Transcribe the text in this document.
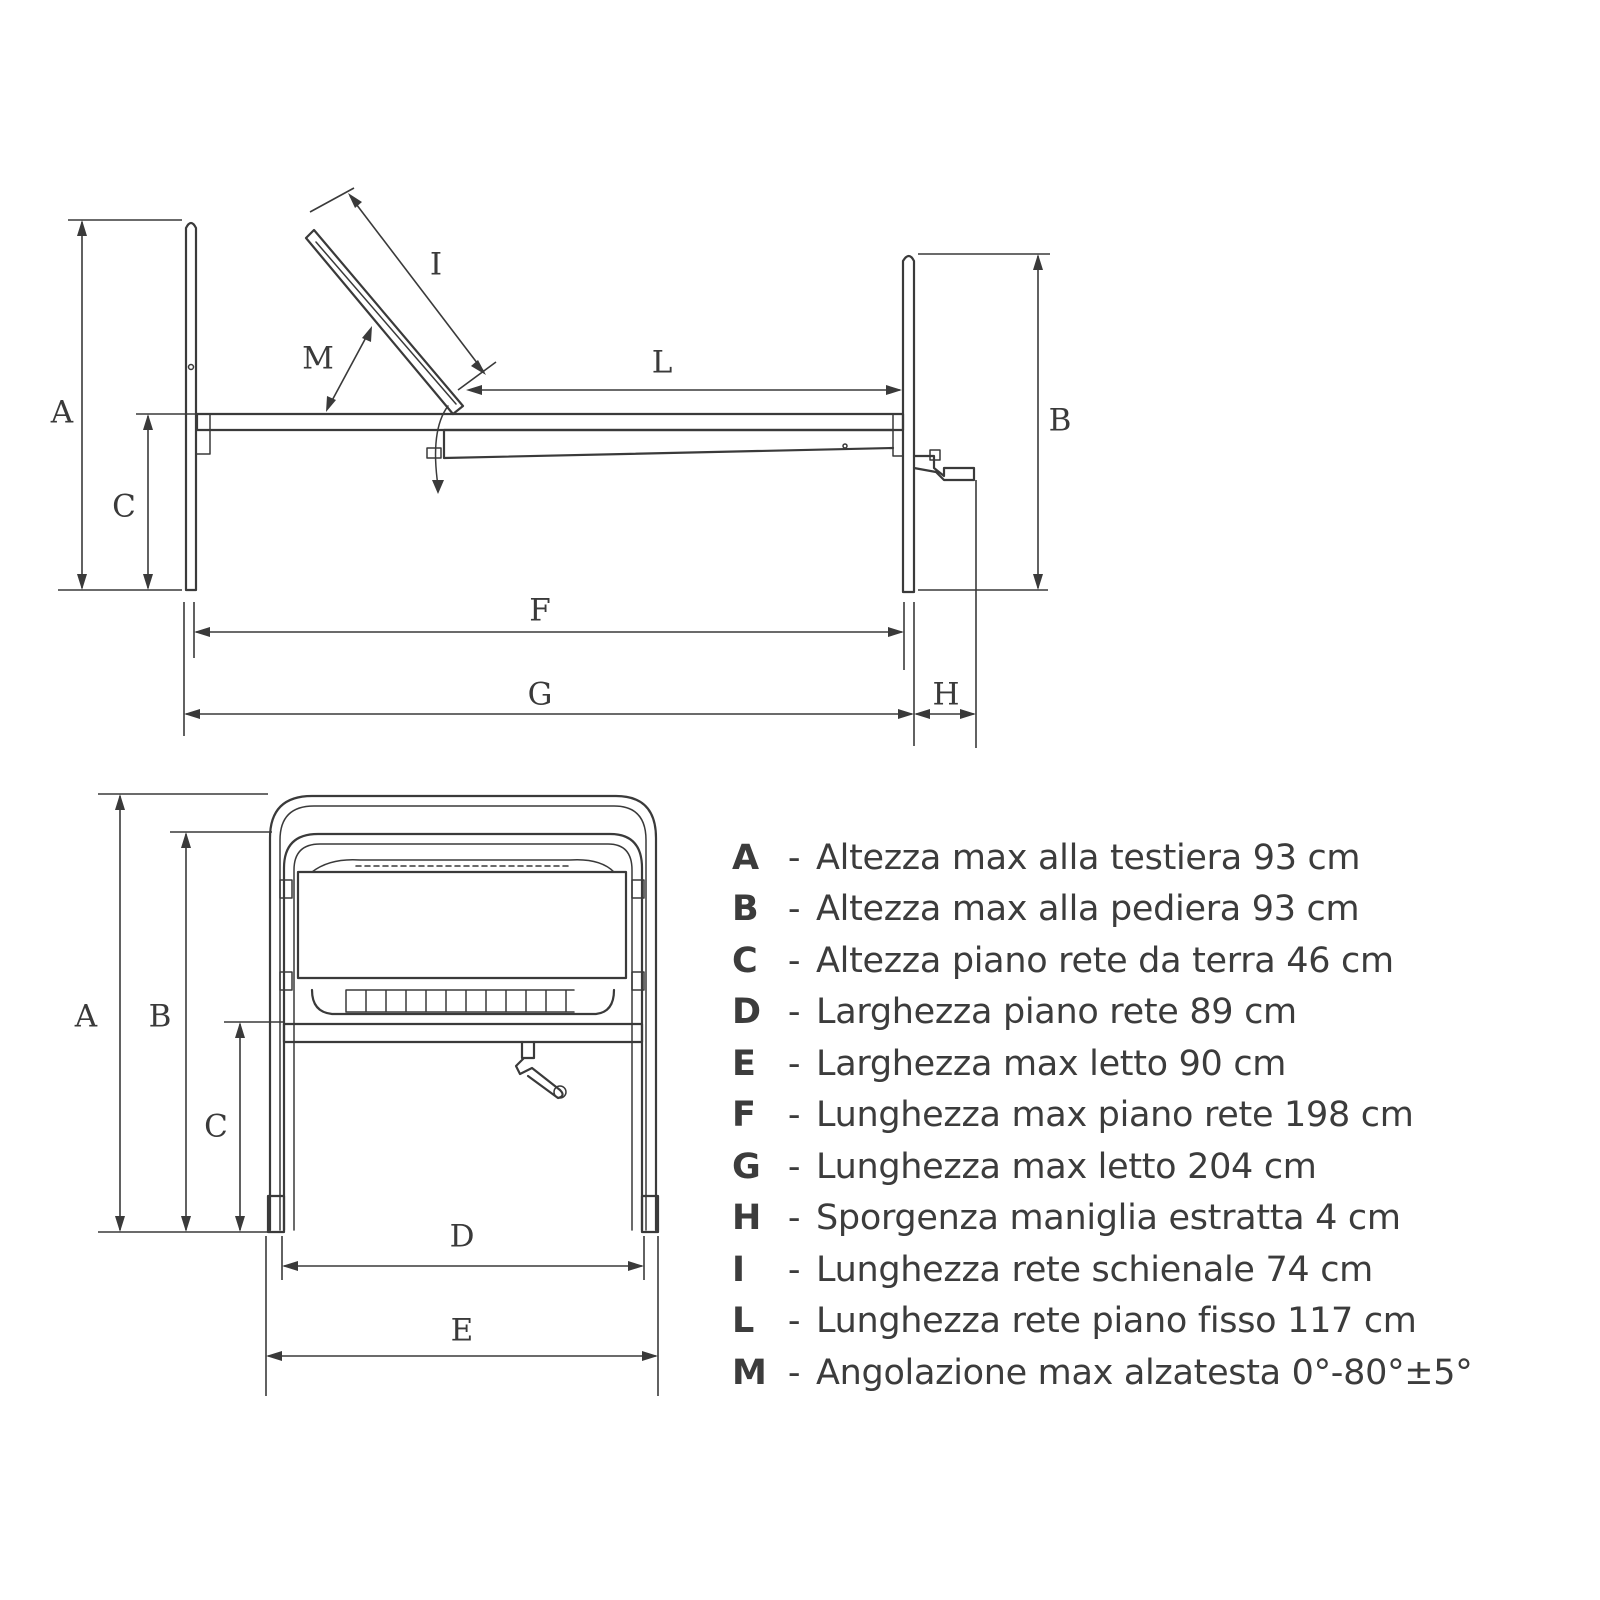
A
C
B
I
M	L
F
G	H
A B
C
D
E
A - Altezza max alla testiera 93 cm
B - Altezza max alla pediera 93 cm
C - Altezza piano rete da terra 46 cm
D - Larghezza piano rete 89 cm
E - Larghezza max letto 90 cm
F - Lunghezza max piano rete 198 cm
G - Lunghezza max letto 204 cm
H - Sporgenza maniglia estratta 4 cm
I	- Lunghezza rete schienale 74 cm
L - Lunghezza rete piano fisso 117 cm
M - Angolazione max alzatesta 0°-80°±5°
